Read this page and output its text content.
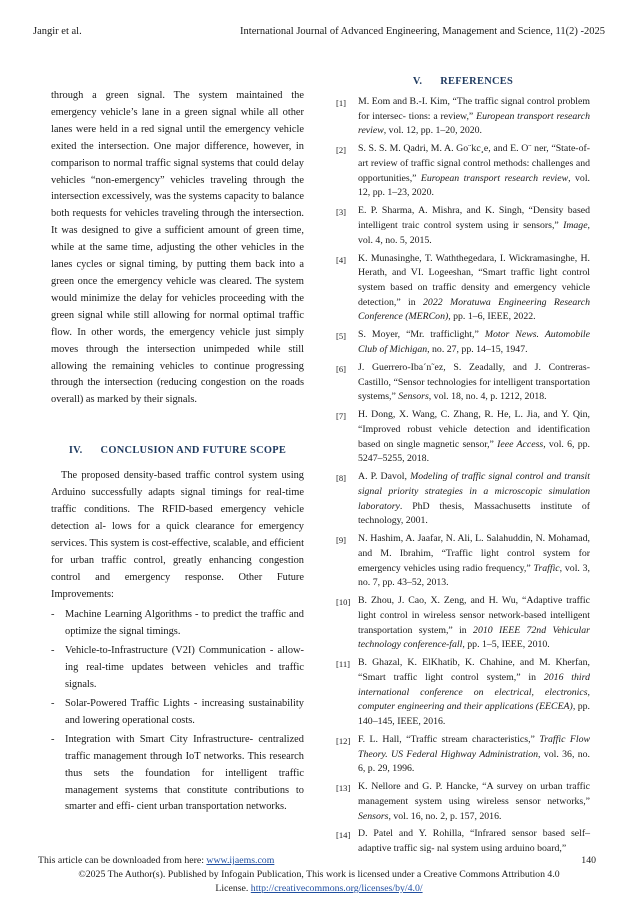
Jangir et al.	International Journal of Advanced Engineering, Management and Science, 11(2) -2025

through a green signal. The system maintained the emergency vehicle’s lane in a green signal while all other lanes were held in a red signal until the emergency vehicle exited the intersection. One major difference, however, in comparison to normal traffic signal systems that could delay vehicles “non-emergency” vehicles traveling through the intersection excessively, was the systems capacity to balance both requests for vehicles traveling through the intersection. It was designed to give a sufficient amount of green time, while at the same time, adjusting the other vehicles in the lanes cycles or signal timing, by putting them back into a green once the emergency vehicle was cleared. The system would minimize the delay for vehicles proceeding with the green signal while still allowing for normal optimal traffic flow. In other words, the emergency vehicle just simply moves through the intersection unimpeded while still allowing the remaining vehicles to continue progressing through the intersection (reducing congestion on the roads overall) as marked by their signals.

IV. CONCLUSION AND FUTURE SCOPE

The proposed density-based traffic control system using Arduino successfully adapts signal timings for real-time traffic conditions. The RFID-based emergency vehicle detection al- lows for a quick clearance for emergency services. This system is cost-effective, scalable, and efficient for urban traffic control, greatly enhancing congestion control and emergency response. Other Future Improvements:

- Machine Learning Algorithms - to predict the traffic and optimize the signal timings.
- Vehicle-to-Infrastructure (V2I) Communication - allow- ing real-time updates between vehicles and traffic signals.
- Solar-Powered Traffic Lights - increasing sustainability and lowering operational costs.
- Integration with Smart City Infrastructure- centralized traffic management through IoT networks. This research thus sets the foundation for intelligent traffic management systems that constitute contributions to smarter and effi- cient urban transportation networks.
V. REFERENCES
[1] M. Eom and B.-I. Kim, “The traffic signal control problem for intersec- tions: a review,” European transport research review, vol. 12, pp. 1–20, 2020.
[2] S. S. S. M. Qadri, M. A. Go¨kc¸e, and E. O¨ ner, “State-of-art review of traffic signal control methods: challenges and opportunities,” European transport research review, vol. 12, pp. 1–23, 2020.
[3] E. P. Sharma, A. Mishra, and K. Singh, “Density based intelligent traic control system using ir sensors,” Image, vol. 4, no. 5, 2015.
[4] K. Munasinghe, T. Waththegedara, I. Wickramasinghe, H. Herath, and VI. Logeeshan, “Smart traffic light control system based on traffic density and emergency vehicle detection,” in 2022 Moratuwa Engineering Research Conference (MERCon), pp. 1–6, IEEE, 2022.
[5] S. Moyer, “Mr. trafficlight,” Motor News. Automobile Club of Michigan, no. 27, pp. 14–15, 1947.
[6] J. Guerrero-Iba´n˜ez, S. Zeadally, and J. Contreras-Castillo, “Sensor technologies for intelligent transportation systems,” Sensors, vol. 18, no. 4, p. 1212, 2018.
[7] H. Dong, X. Wang, C. Zhang, R. He, L. Jia, and Y. Qin, “Improved robust vehicle detection and identification based on single magnetic sensor,” Ieee Access, vol. 6, pp. 5247–5255, 2018.
[8] A. P. Davol, Modeling of traffic signal control and transit signal priority strategies in a microscopic simulation laboratory. PhD thesis, Massachusetts institute of technology, 2001.
[9] N. Hashim, A. Jaafar, N. Ali, L. Salahuddin, N. Mohamad, and M. Ibrahim, “Traffic light control system for emergency vehicles using radio frequency,” Traffic, vol. 3, no. 7, pp. 43–52, 2013.
[10] B. Zhou, J. Cao, X. Zeng, and H. Wu, “Adaptive traffic light control in wireless sensor network-based intelligent transportation system,” in 2010 IEEE 72nd Vehicular technology conference-fall, pp. 1–5, IEEE, 2010.
[11] B. Ghazal, K. ElKhatib, K. Chahine, and M. Kherfan, “Smart traffic light control system,” in 2016 third international conference on electrical, electronics, computer engineering and their applications (EECEA), pp. 140–145, IEEE, 2016.
[12] F. L. Hall, “Traffic stream characteristics,” Traffic Flow Theory. US Federal Highway Administration, vol. 36, no. 6, p. 29, 1996.
[13] K. Nellore and G. P. Hancke, “A survey on urban traffic management system using wireless sensor networks,” Sensors, vol. 16, no. 2, p. 157, 2016.
[14] D. Patel and Y. Rohilla, “Infrared sensor based self–adaptive traffic sig- nal system using arduino board,”
This article can be downloaded from here: www.ijaems.com	140
©2025 The Author(s). Published by Infogain Publication, This work is licensed under a Creative Commons Attribution 4.0
License. http://creativecommons.org/licenses/by/4.0/
